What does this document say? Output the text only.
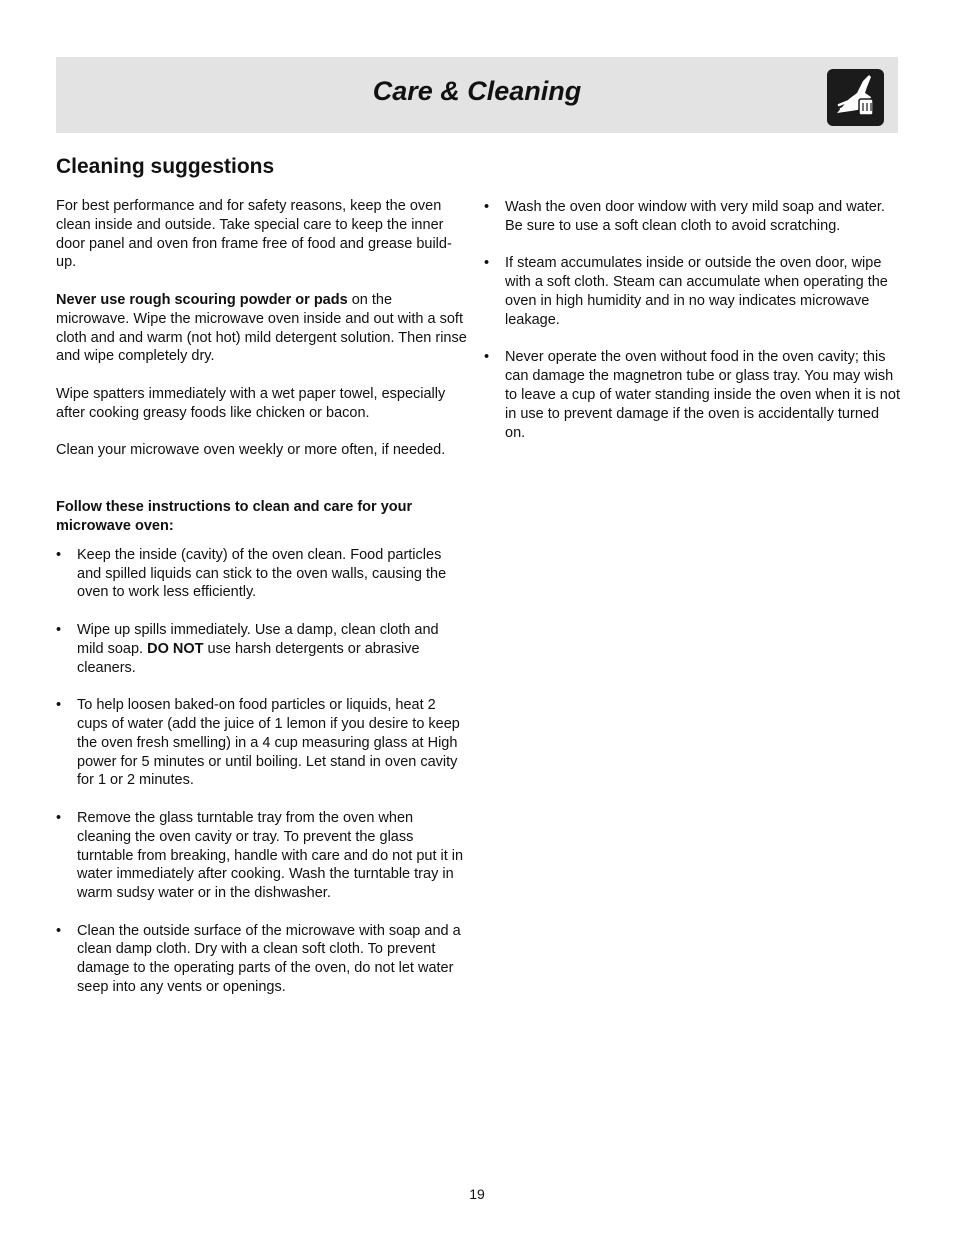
Care & Cleaning
Cleaning suggestions

For best performance and for safety reasons, keep the oven clean inside and outside. Take special care to keep the inner door panel and oven fron frame free of food and grease build-up.

Never use rough scouring powder or pads on the microwave. Wipe the microwave oven inside and out with a soft cloth and and warm (not hot) mild detergent solution. Then rinse and wipe completely dry.

Wipe spatters immediately with a wet paper towel, especially after cooking greasy foods like chicken or bacon.

Clean your microwave oven weekly or more often, if needed.

Follow these instructions to clean and care for your microwave oven:

• Keep the inside (cavity) of the oven clean. Food particles and spilled liquids can stick to the oven walls, causing the oven to work less efficiently.
• Wipe up spills immediately. Use a damp, clean cloth and mild soap. DO NOT use harsh detergents or abrasive cleaners.
• To help loosen baked-on food particles or liquids, heat 2 cups of water (add the juice of 1 lemon if you desire to keep the oven fresh smelling) in a 4 cup measuring glass at High power for 5 minutes or until boiling. Let stand in oven cavity for 1 or 2 minutes.
• Remove the glass turntable tray from the oven when cleaning the oven cavity or tray. To prevent the glass turntable from breaking, handle with care and do not put it in water immediately after cooking. Wash the turntable tray in warm sudsy water or in the dishwasher.
• Clean the outside surface of the microwave with soap and a clean damp cloth. Dry with a clean soft cloth. To prevent damage to the operating parts of the oven, do not let water seep into any vents or openings.
• Wash the oven door window with very mild soap and water. Be sure to use a soft clean cloth to avoid scratching.
• If steam accumulates inside or outside the oven door, wipe with a soft cloth. Steam can accumulate when operating the oven in high humidity and in no way indicates microwave leakage.
• Never operate the oven without food in the oven cavity; this can damage the magnetron tube or glass tray. You may wish to leave a cup of water standing inside the oven when it is not in use to prevent damage if the oven is accidentally turned on.
19
